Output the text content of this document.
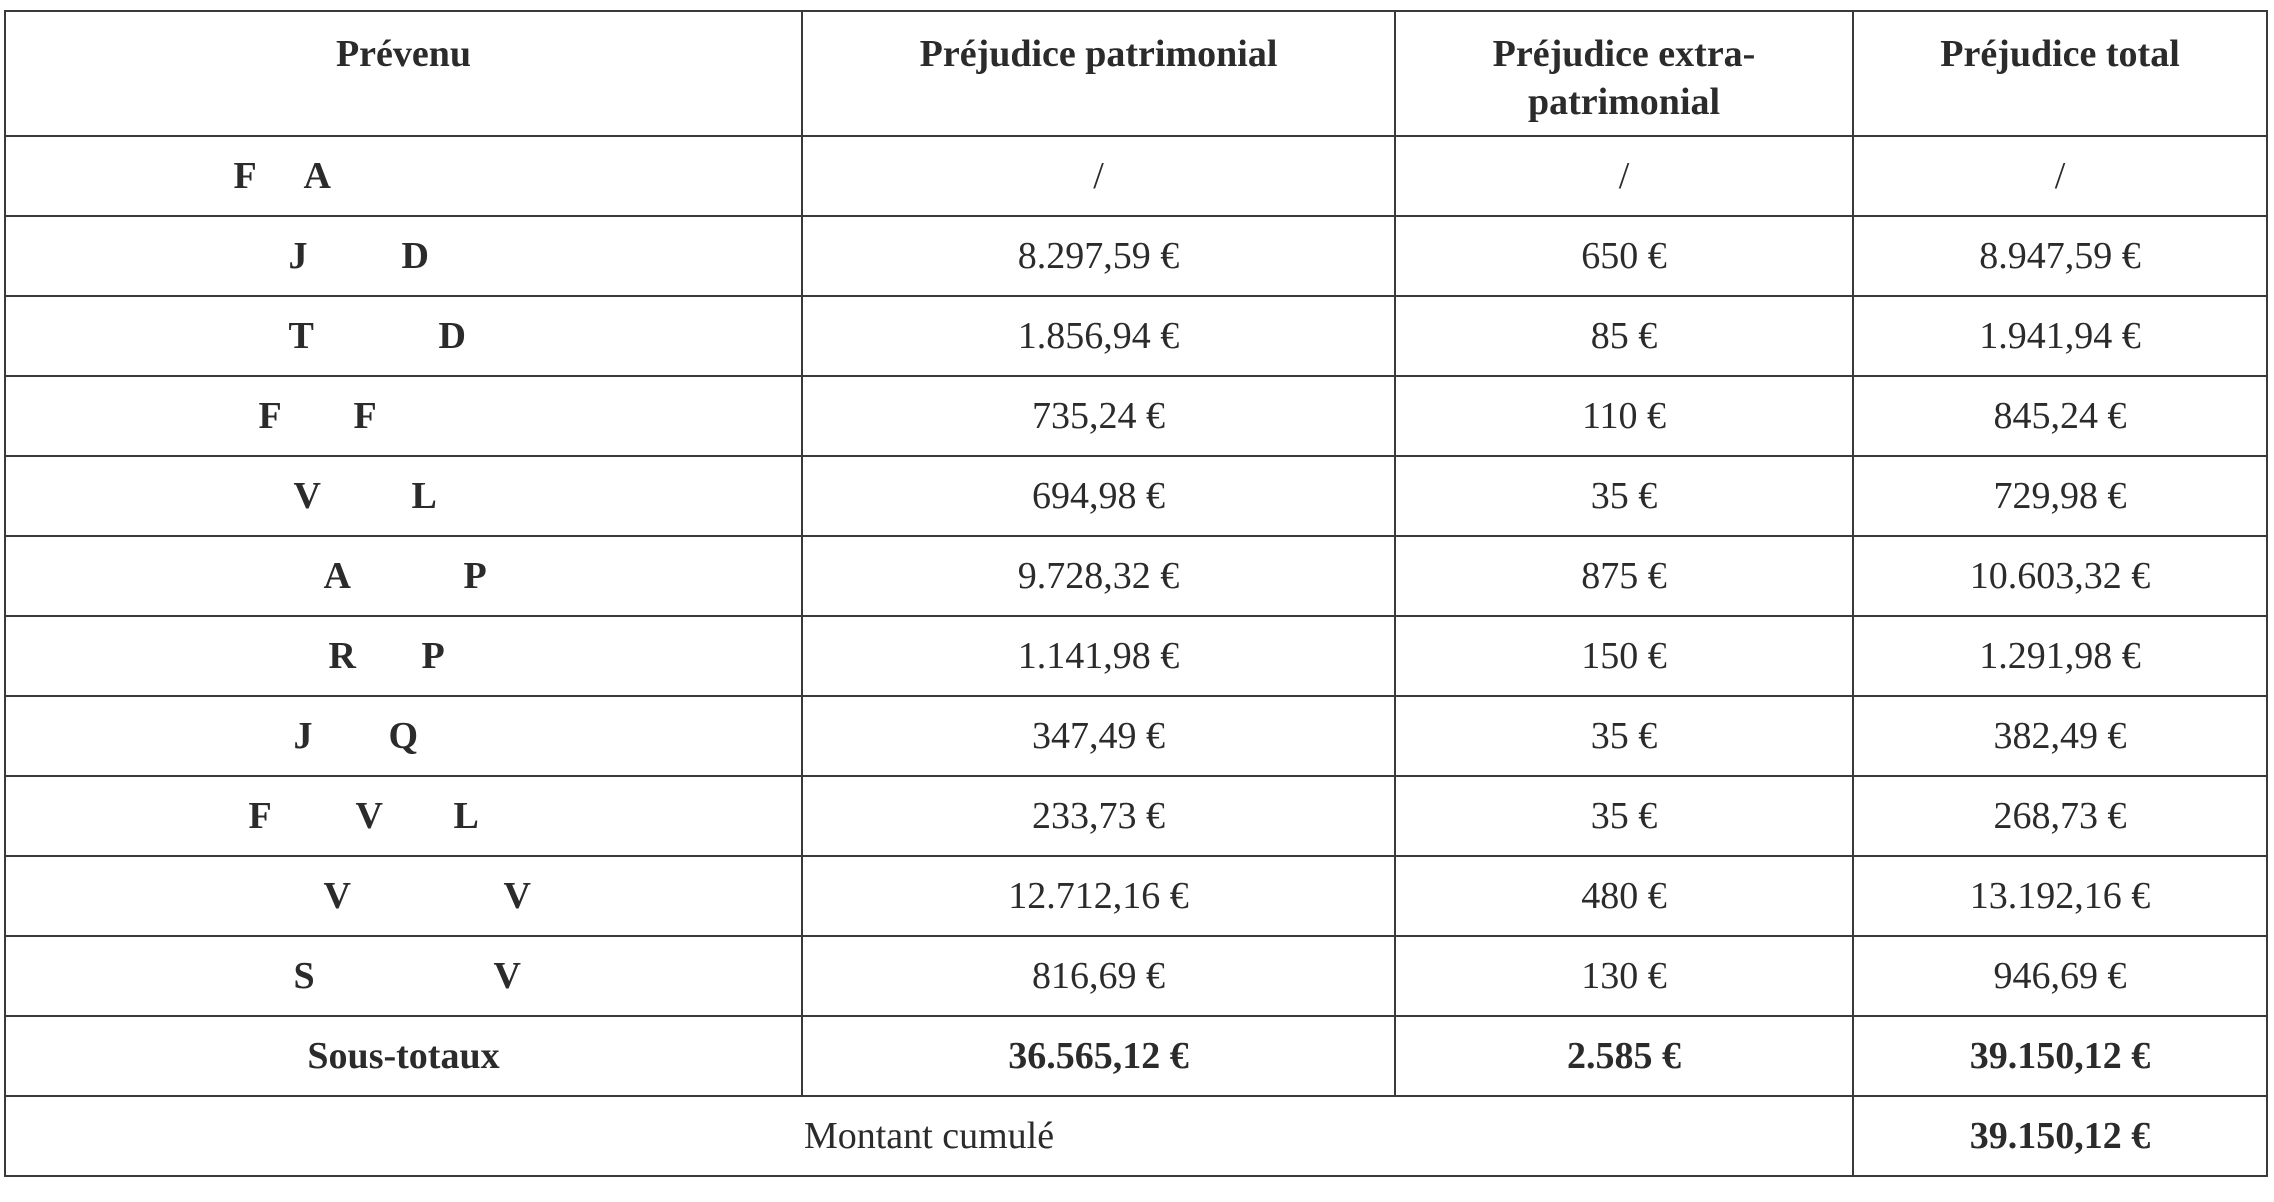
Prévenu	Préjudice patrimonial	Préjudice extra-patrimonial	Préjudice total

F A	/	/	/

J D	8.297,59 €	650 €	8.947,59 €

T D	1.856,94 €	85 €	1.941,94 €

F F	735,24 €	110 €	845,24 €

V L	694,98 €	35 €	729,98 €

A P	9.728,32 €	875 €	10.603,32 €

R P	1.141,98 €	150 €	1.291,98 €

J Q	347,49 €	35 €	382,49 €

F V L	233,73 €	35 €	268,73 €

V V	12.712,16 €	480 €	13.192,16 €

S V	816,69 €	130 €	946,69 €
Sous-totaux	36.565,12 €	2.585 €	39.150,12 €
Montant cumulé			39.150,12 €
